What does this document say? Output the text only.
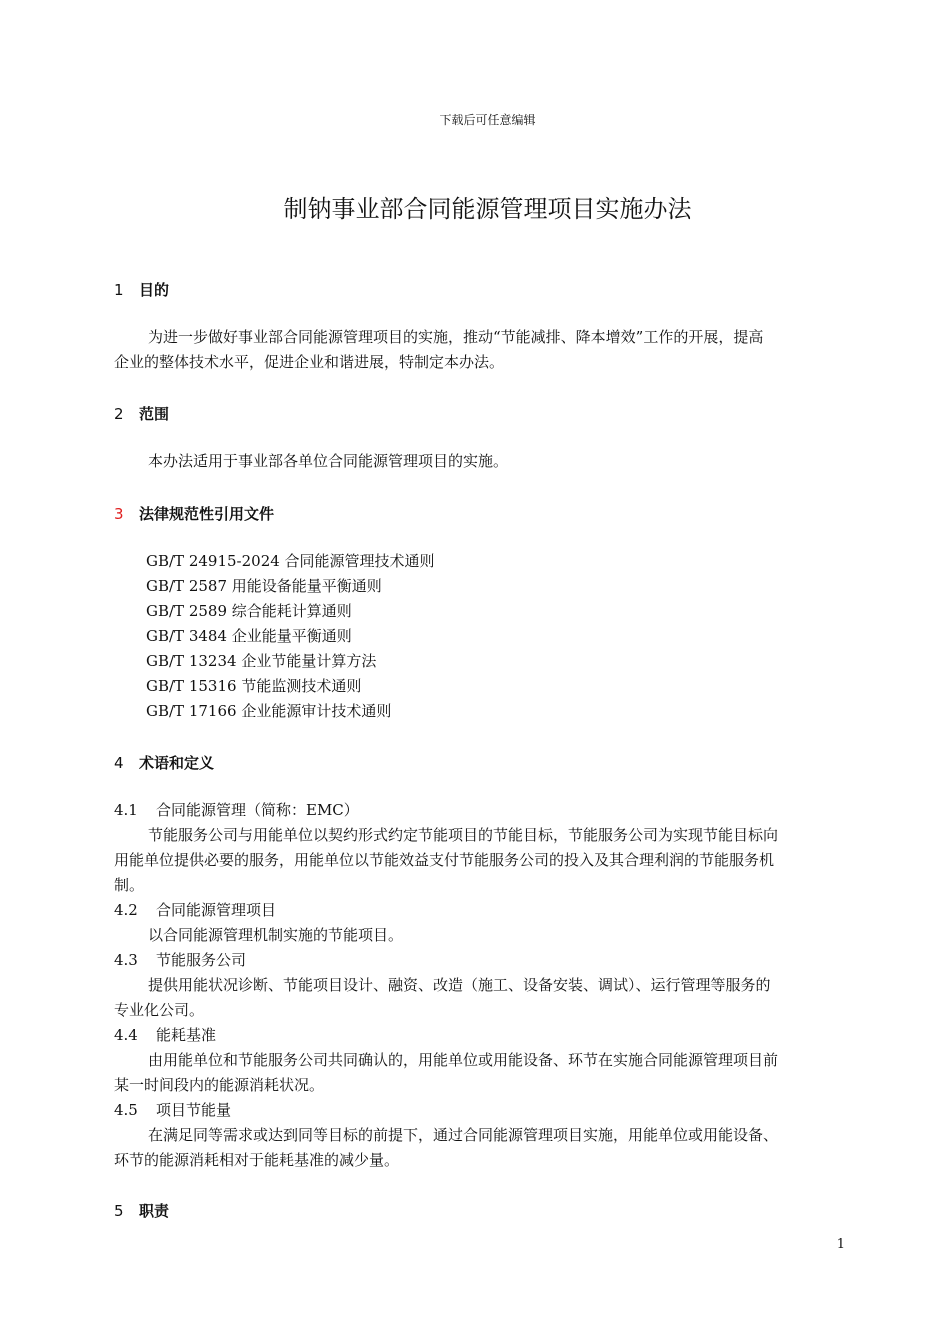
下载后可任意编辑
制钠事业部合同能源管理项目实施办法
1 目的
为进一步做好事业部合同能源管理项目的实施，推动“节能减排、降本增效”工作的开展，提高
企业的整体技术水平，促进企业和谐进展，特制定本办法。
2 范围
本办法适用于事业部各单位合同能源管理项目的实施。
3 法律规范性引用文件
GB/T 24915-2024 合同能源管理技术通则
GB/T 2587 用能设备能量平衡通则
GB/T 2589 综合能耗计算通则
GB/T 3484 企业能量平衡通则
GB/T 13234 企业节能量计算方法
GB/T 15316 节能监测技术通则
GB/T 17166 企业能源审计技术通则
4 术语和定义
4.1 合同能源管理（简称：EMC）
节能服务公司与用能单位以契约形式约定节能项目的节能目标，节能服务公司为实现节能目标向
用能单位提供必要的服务，用能单位以节能效益支付节能服务公司的投入及其合理利润的节能服务机
制。
4.2 合同能源管理项目
以合同能源管理机制实施的节能项目。
4.3 节能服务公司
提供用能状况诊断、节能项目设计、融资、改造（施工、设备安装、调试）、运行管理等服务的
专业化公司。
4.4 能耗基准
由用能单位和节能服务公司共同确认的，用能单位或用能设备、环节在实施合同能源管理项目前
某一时间段内的能源消耗状况。
4.5 项目节能量
在满足同等需求或达到同等目标的前提下，通过合同能源管理项目实施，用能单位或用能设备、
环节的能源消耗相对于能耗基准的减少量。
5 职责
1
